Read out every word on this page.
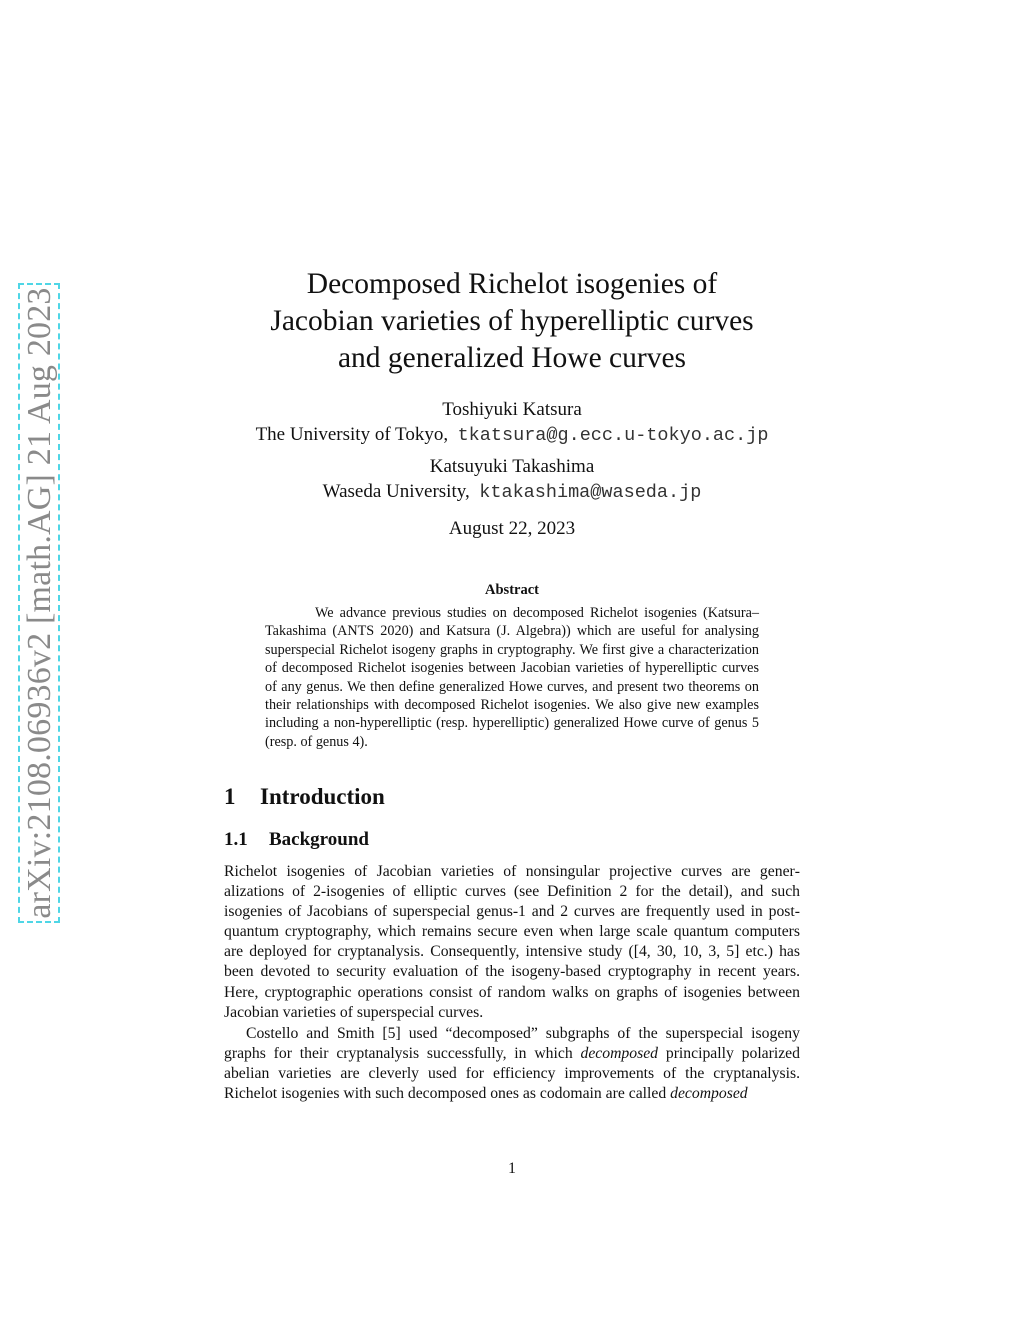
arXiv:2108.06936v2 [math.AG] 21 Aug 2023
Decomposed Richelot isogenies of
Jacobian varieties of hyperelliptic curves
and generalized Howe curves
Toshiyuki Katsura
The University of Tokyo, tkatsura@g.ecc.u-tokyo.ac.jp
Katsuyuki Takashima
Waseda University, ktakashima@waseda.jp
August 22, 2023
Abstract

We advance previous studies on decomposed Richelot isogenies (Katsura–Takashima (ANTS 2020) and Katsura (J. Algebra)) which are useful for analysing superspecial Richelot isogeny graphs in cryptography. We first give a characterization of decomposed Richelot isogenies between Jacobian varieties of hyperelliptic curves of any genus. We then define generalized Howe curves, and present two theorems on their relationships with decomposed Richelot isogenies. We also give new examples including a non-hyperelliptic (resp. hyperelliptic) generalized Howe curve of genus 5 (resp. of genus 4).

1 Introduction
1.1 Background

Richelot isogenies of Jacobian varieties of nonsingular projective curves are generalizations of 2-isogenies of elliptic curves (see Definition 2 for the detail), and such isogenies of Jacobians of superspecial genus-1 and 2 curves are frequently used in postquantum cryptography, which remains secure even when large scale quantum computers are deployed for cryptanalysis. Consequently, intensive study ([4, 30, 10, 3, 5] etc.) has been devoted to security evaluation of the isogeny-based cryptography in recent years. Here, cryptographic operations consist of random walks on graphs of isogenies between Jacobian varieties of superspecial curves.

Costello and Smith [5] used “decomposed” subgraphs of the superspecial isogeny graphs for their cryptanalysis successfully, in which decomposed principally polarized abelian varieties are cleverly used for efficiency improvements of the cryptanalysis. Richelot isogenies with such decomposed ones as codomain are called decomposed

1
